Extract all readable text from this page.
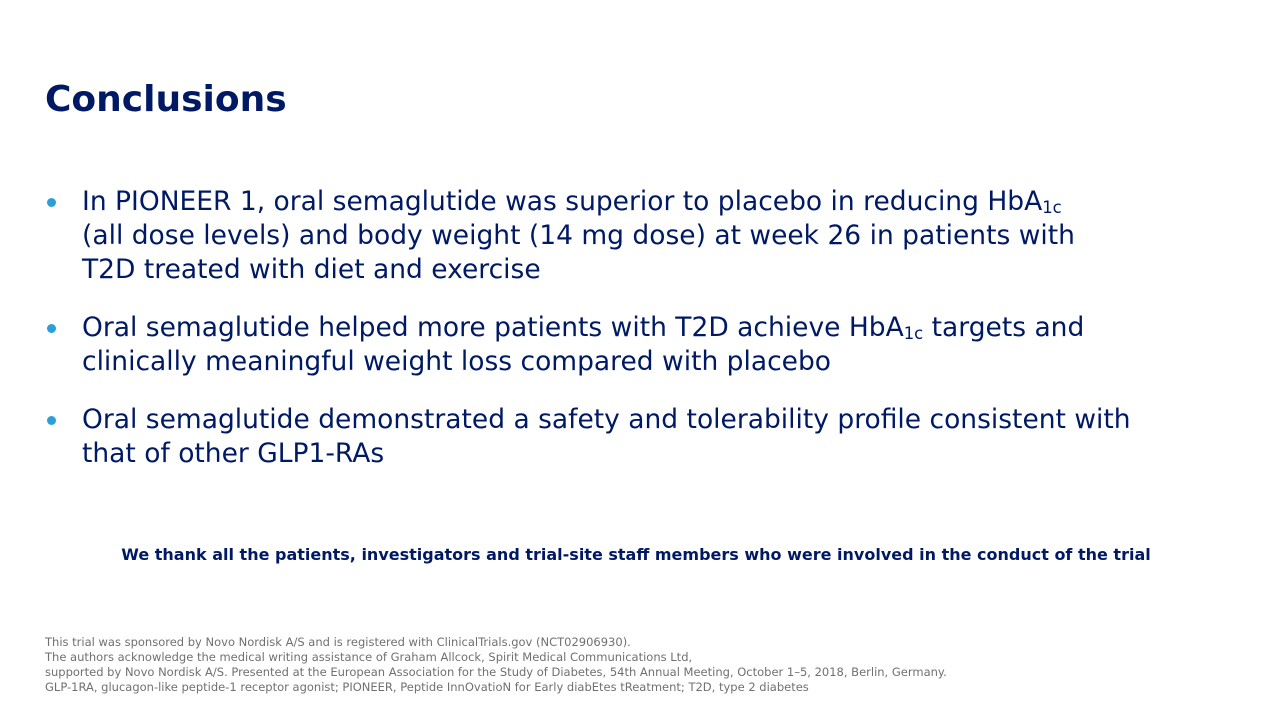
Conclusions
In PIONEER 1, oral semaglutide was superior to placebo in reducing HbA1c
(all dose levels) and body weight (14 mg dose) at week 26 in patients with
T2D treated with diet and exercise
Oral semaglutide helped more patients with T2D achieve HbA1c targets and
clinically meaningful weight loss compared with placebo
Oral semaglutide demonstrated a safety and tolerability profile consistent with
that of other GLP1-RAs
We thank all the patients, investigators and trial-site staff members who were involved in the conduct of the trial
This trial was sponsored by Novo Nordisk A/S and is registered with ClinicalTrials.gov (NCT02906930).
The authors acknowledge the medical writing assistance of Graham Allcock, Spirit Medical Communications Ltd,
supported by Novo Nordisk A/S. Presented at the European Association for the Study of Diabetes, 54th Annual Meeting, October 1–5, 2018, Berlin, Germany.
GLP-1RA, glucagon-like peptide-1 receptor agonist; PIONEER, Peptide InnOvatioN for Early diabEtes tReatment; T2D, type 2 diabetes
